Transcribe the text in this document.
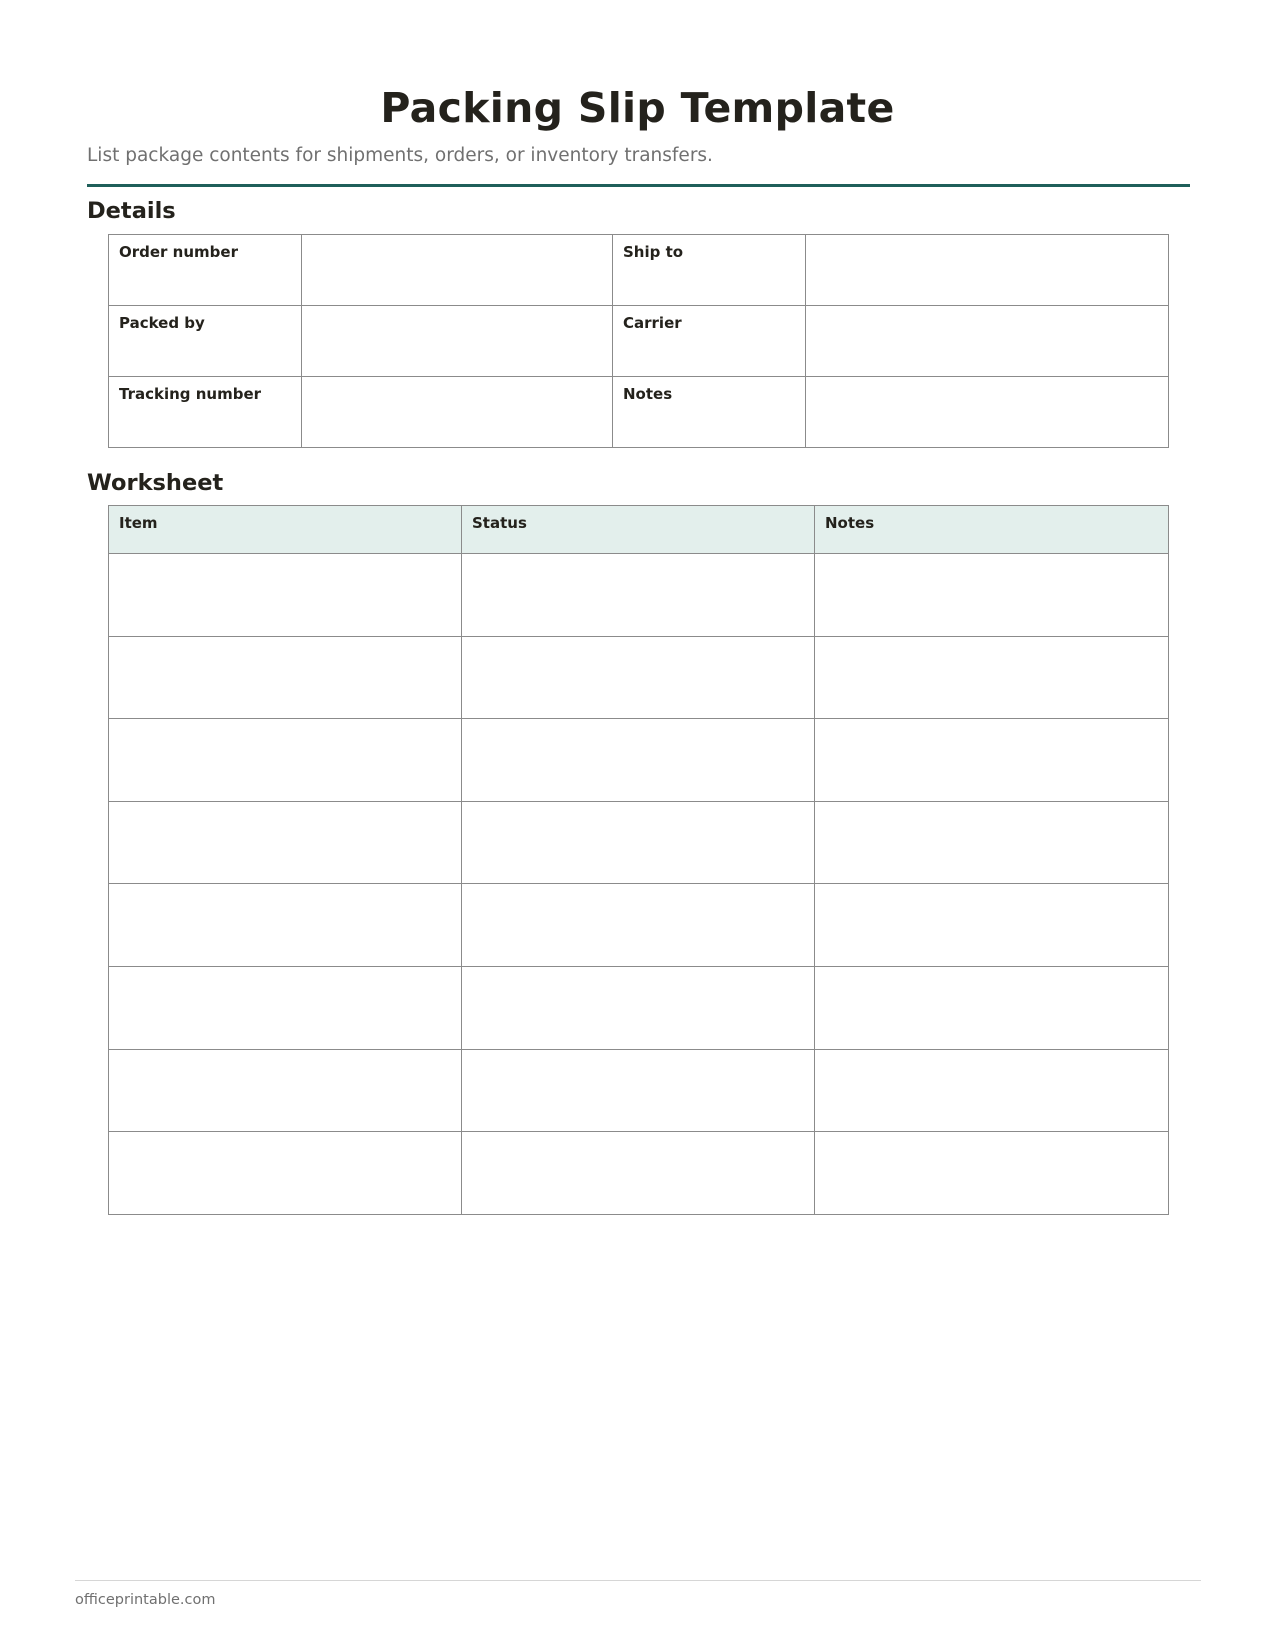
Packing Slip Template

List package contents for shipments, orders, or inventory transfers.

Details
Order number		Ship to	

Packed by		Carrier	

Tracking number		Notes	

Worksheet
Item	Status	Notes

officeprintable.com
